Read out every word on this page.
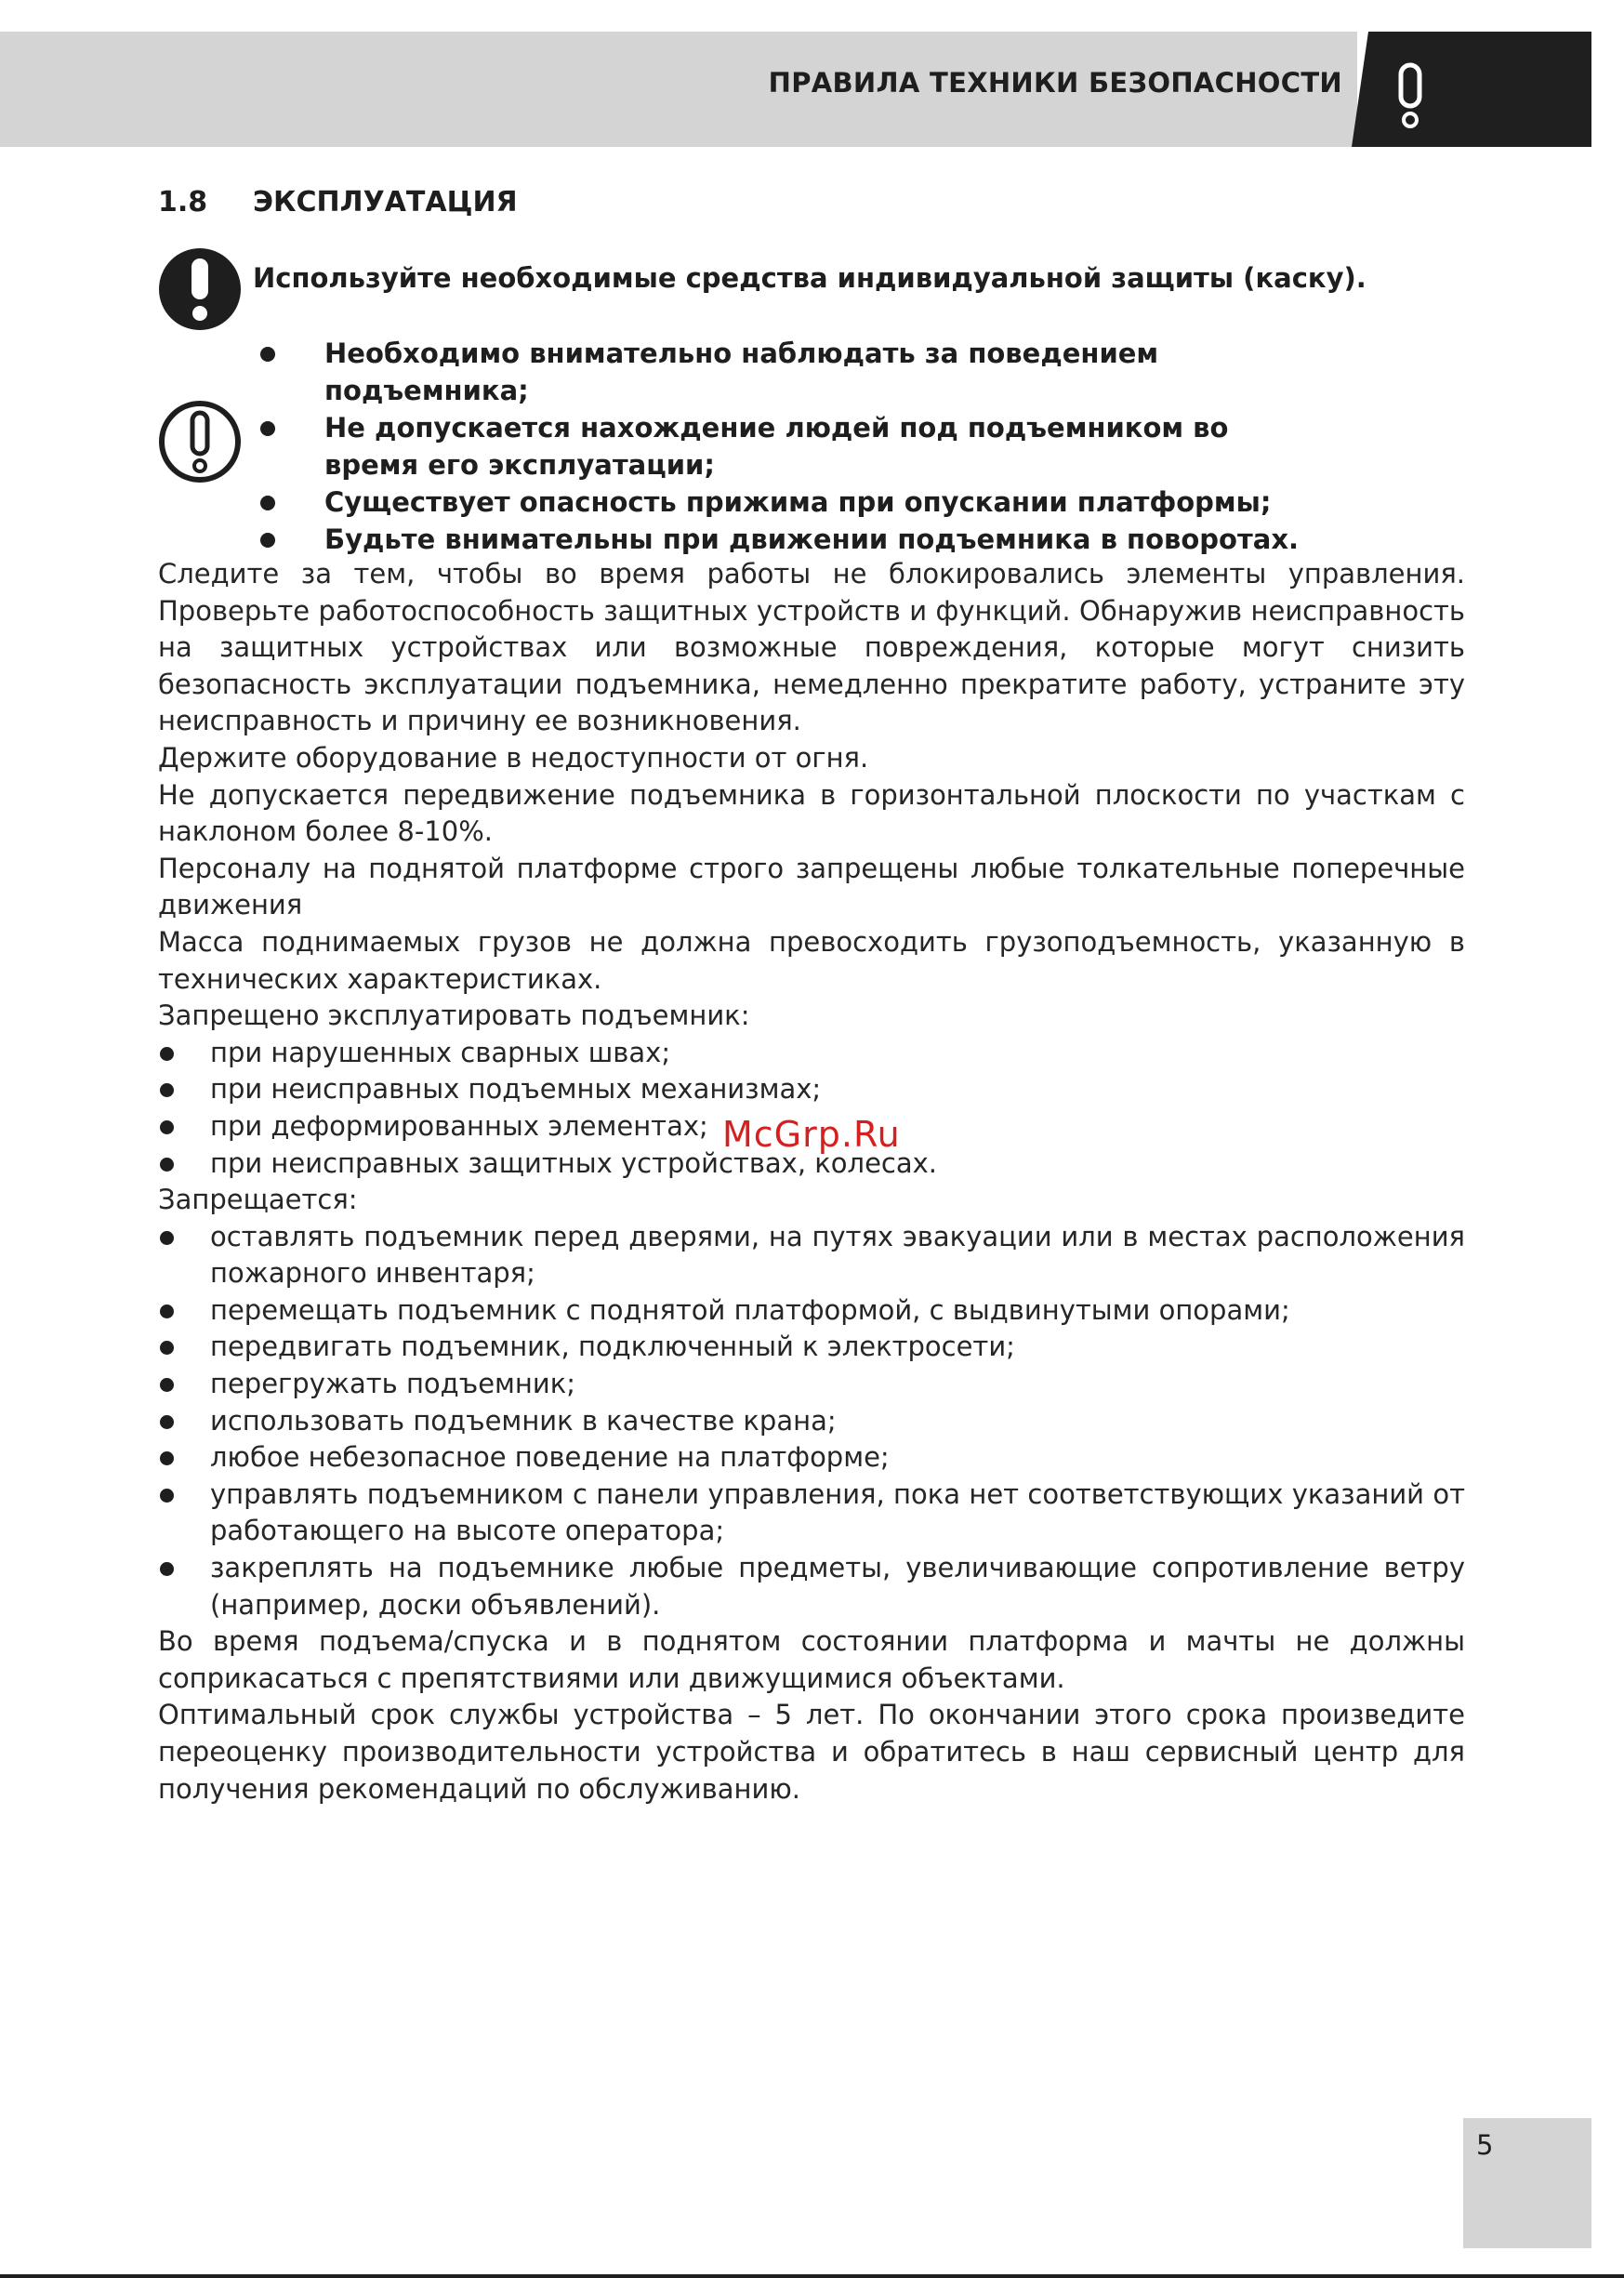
ПРАВИЛА ТЕХНИКИ БЕЗОПАСНОСТИ
1.8 ЭКСПЛУАТАЦИЯ
Используйте необходимые средства индивидуальной защиты (каску).
Необходимо внимательно наблюдать за поведением подъемника;
Не допускается нахождение людей под подъемником во время его эксплуатации;
Существует опасность прижима при опускании платформы;
Будьте внимательны при движении подъемника в поворотах.

Следите за тем, чтобы во время работы не блокировались элементы управления. Проверьте работоспособность защитных устройств и функций. Обнаружив неисправность на защитных устройствах или возможные повреждения, которые могут снизить безопасность эксплуатации подъемника, немедленно прекратите работу, устраните эту неисправность и причину ее возникновения.

Держите оборудование в недоступности от огня.

Не допускается передвижение подъемника в горизонтальной плоскости по участкам с наклоном более 8-10%.

Персоналу на поднятой платформе строго запрещены любые толкательные поперечные движения

Масса поднимаемых грузов не должна превосходить грузоподъемность, указанную в технических характеристиках.

Запрещено эксплуатировать подъемник:

при нарушенных сварных швах;
при неисправных подъемных механизмах;
при деформированных элементах;
при неисправных защитных устройствах, колесах.

Запрещается:

оставлять подъемник перед дверями, на путях эвакуации или в местах расположения пожарного инвентаря;
перемещать подъемник с поднятой платформой, с выдвинутыми опорами;
передвигать подъемник, подключенный к электросети;
перегружать подъемник;
использовать подъемник в качестве крана;
любое небезопасное поведение на платформе;
управлять подъемником с панели управления, пока нет соответствующих указаний от работающего на высоте оператора;
закреплять на подъемнике любые предметы, увеличивающие сопротивление ветру (например, доски объявлений).

Во время подъема/спуска и в поднятом состоянии платформа и мачты не должны соприкасаться с препятствиями или движущимися объектами.

Оптимальный срок службы устройства – 5 лет. По окончании этого срока произведите переоценку производительности устройства и обратитесь в наш сервисный центр для получения рекомендаций по обслуживанию.

McGrp.Ru
5
